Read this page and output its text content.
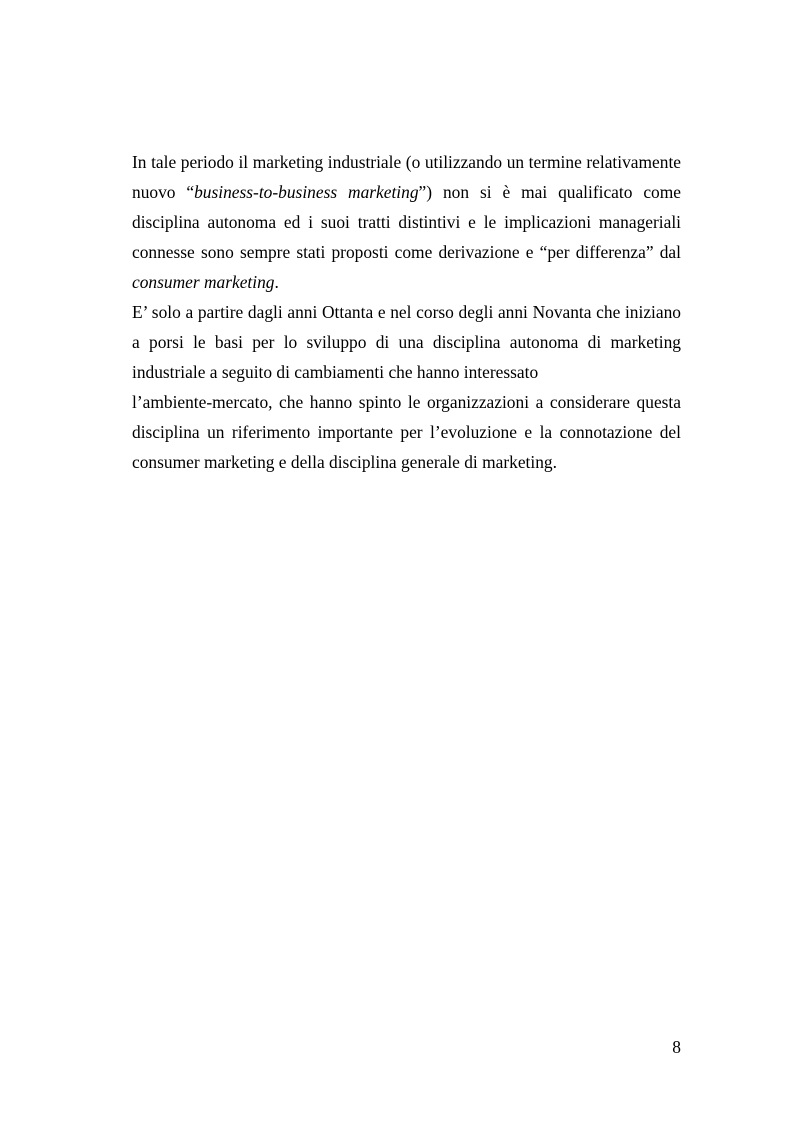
In tale periodo il marketing industriale (o utilizzando un termine relativamente
nuovo “business-to-business marketing”) non si è mai qualificato come
disciplina autonoma ed i suoi tratti distintivi e le implicazioni manageriali
connesse sono sempre stati proposti come derivazione e “per differenza” dal
consumer marketing.
E’ solo a partire dagli anni Ottanta e nel corso degli anni Novanta che iniziano
a porsi le basi per lo sviluppo di una disciplina autonoma di marketing
industriale a seguito di cambiamenti che hanno interessato
l’ambiente-mercato, che hanno spinto le organizzazioni a considerare questa
disciplina un riferimento importante per l’evoluzione e la connotazione del
consumer marketing e della disciplina generale di marketing.
8
